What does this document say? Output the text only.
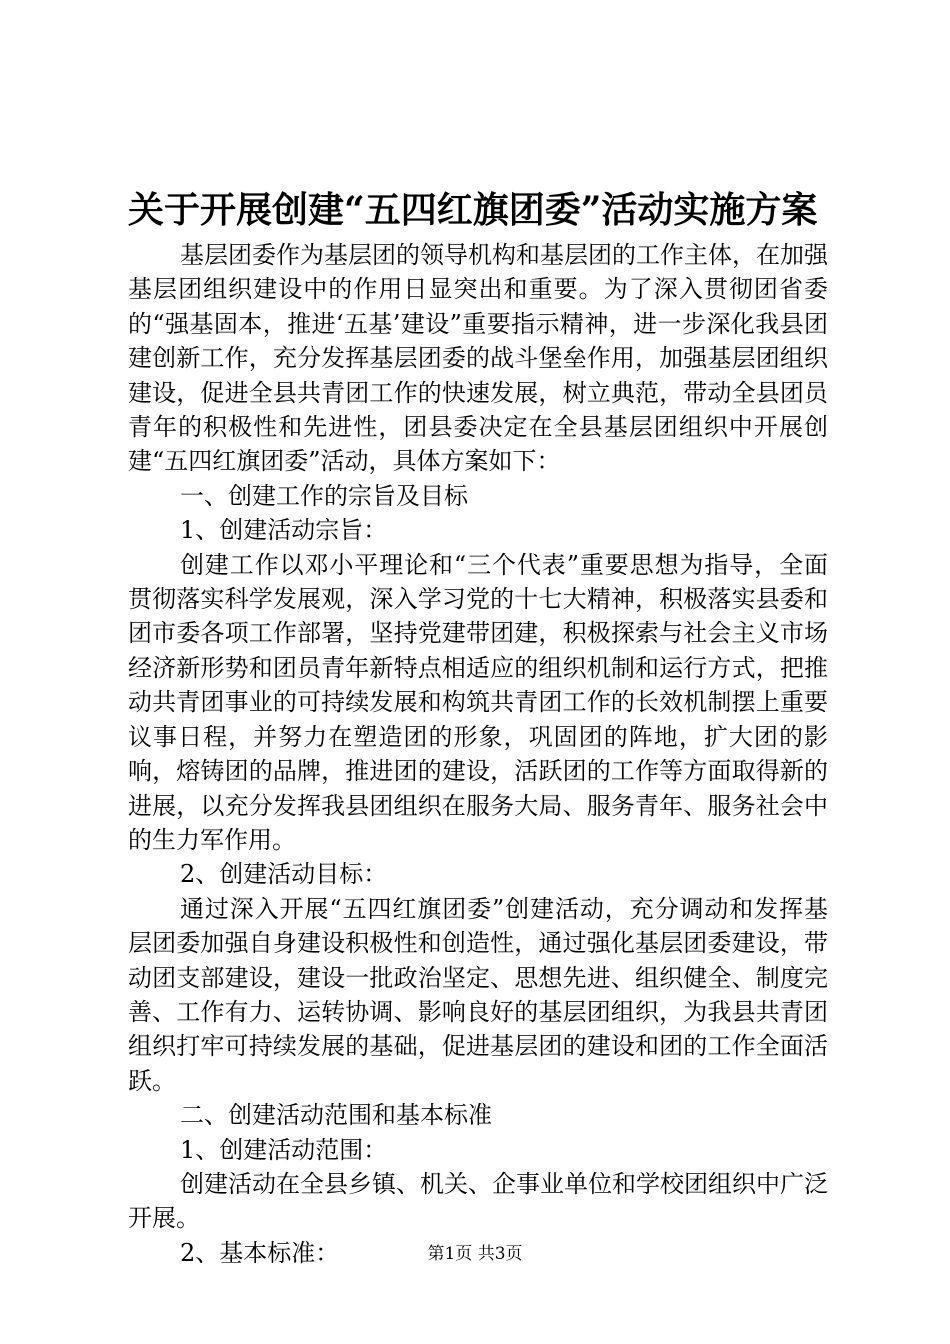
关于开展创建“五四红旗团委”活动实施方案

基层团委作为基层团的领导机构和基层团的工作主体，在加强基层团组织建设中的作用日显突出和重要。为了深入贯彻团省委的“强基固本，推进‘五基’建设”重要指示精神，进一步深化我县团建创新工作，充分发挥基层团委的战斗堡垒作用，加强基层团组织建设，促进全县共青团工作的快速发展，树立典范，带动全县团员青年的积极性和先进性，团县委决定在全县基层团组织中开展创建“五四红旗团委”活动，具体方案如下：

一、创建工作的宗旨及目标

1、创建活动宗旨：

创建工作以邓小平理论和“三个代表”重要思想为指导，全面贯彻落实科学发展观，深入学习党的十七大精神，积极落实县委和团市委各项工作部署，坚持党建带团建，积极探索与社会主义市场经济新形势和团员青年新特点相适应的组织机制和运行方式，把推动共青团事业的可持续发展和构筑共青团工作的长效机制摆上重要议事日程，并努力在塑造团的形象，巩固团的阵地，扩大团的影响，熔铸团的品牌，推进团的建设，活跃团的工作等方面取得新的进展，以充分发挥我县团组织在服务大局、服务青年、服务社会中的生力军作用。

2、创建活动目标：

通过深入开展“五四红旗团委”创建活动，充分调动和发挥基层团委加强自身建设积极性和创造性，通过强化基层团委建设，带动团支部建设，建设一批政治坚定、思想先进、组织健全、制度完善、工作有力、运转协调、影响良好的基层团组织，为我县共青团组织打牢可持续发展的基础，促进基层团的建设和团的工作全面活跃。

二、创建活动范围和基本标准

1、创建活动范围：

创建活动在全县乡镇、机关、企事业单位和学校团组织中广泛开展。

2、基本标准：	第1页 共3页
